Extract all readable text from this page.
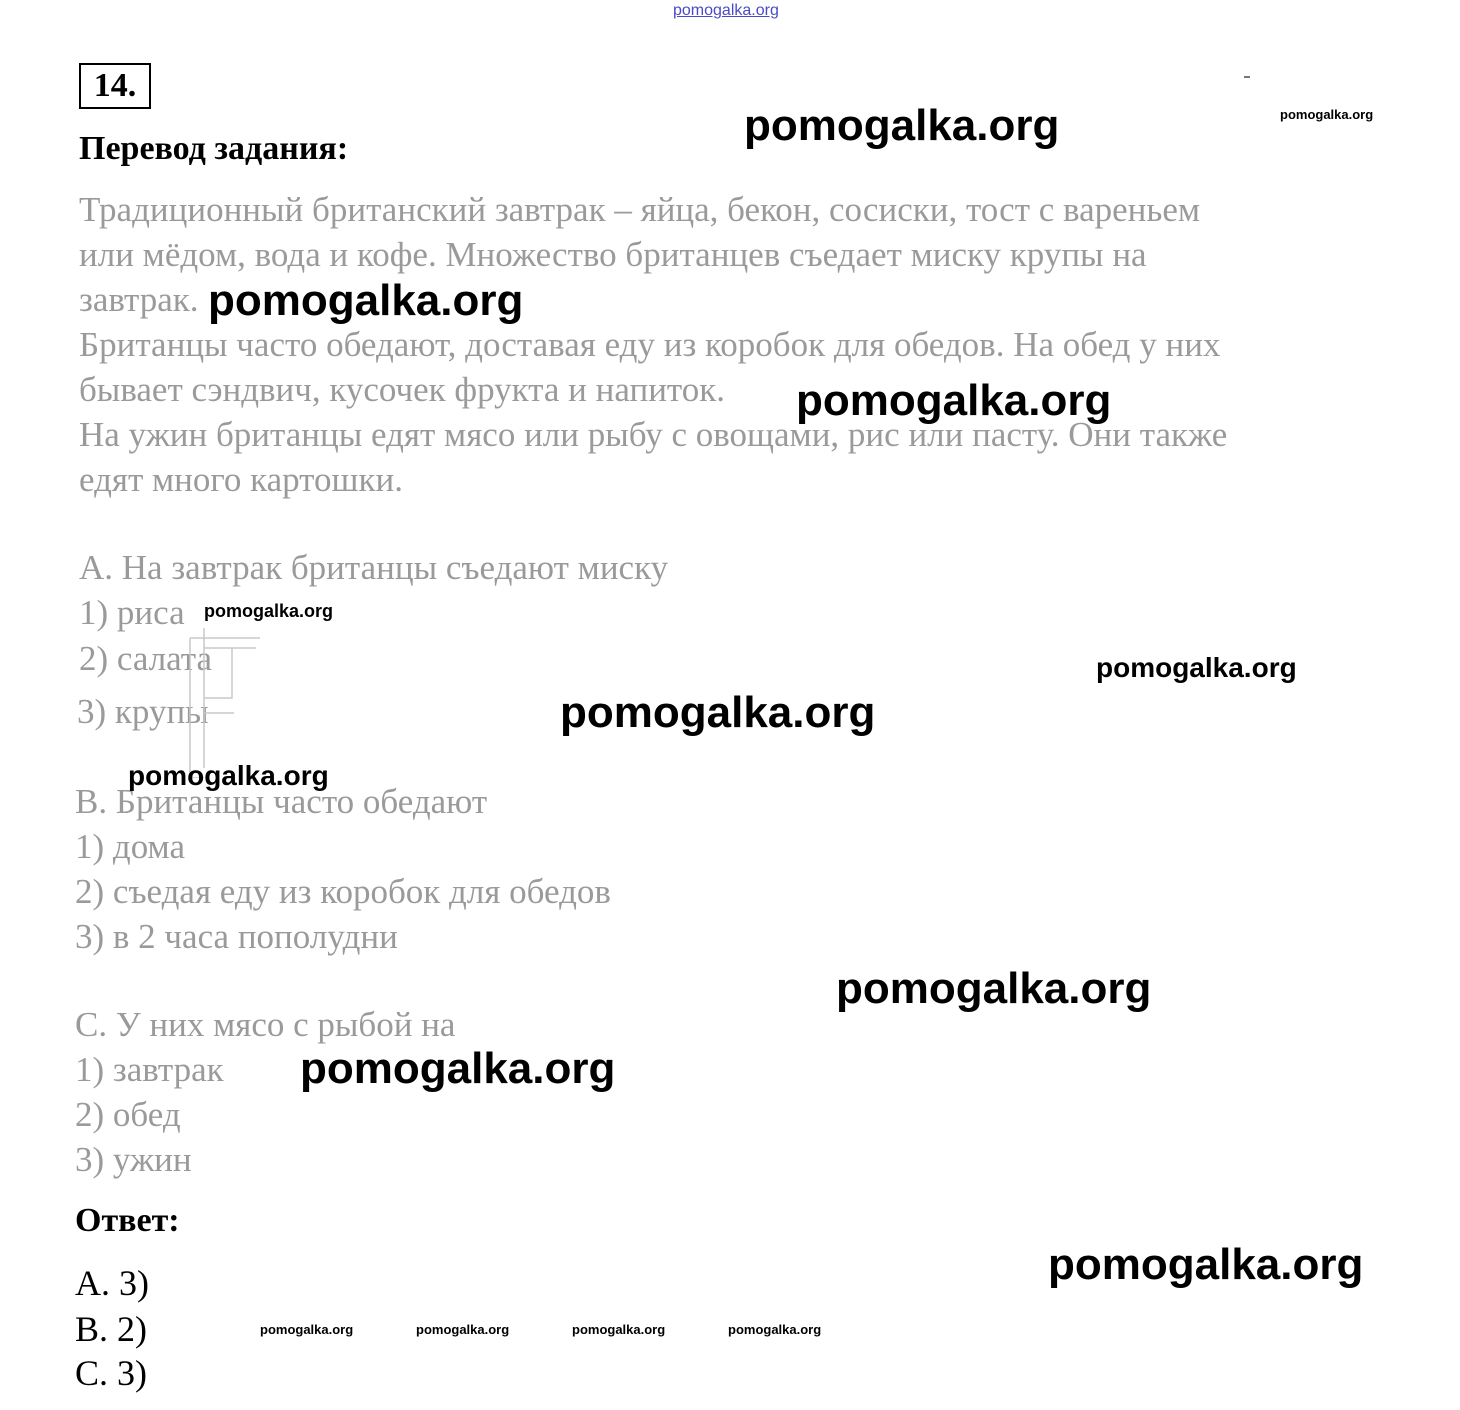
pomogalka.org
14.
Перевод задания:
Традиционный британский завтрак – яйца, бекон, сосиски, тост с вареньем
или мёдом, вода и кофе. Множество британцев съедает миску крупы на
завтрак.
Британцы часто обедают, доставая еду из коробок для обедов. На обед у них
бывает сэндвич, кусочек фрукта и напиток.
На ужин британцы едят мясо или рыбу с овощами, рис или пасту. Они также
едят много картошки.
A. На завтрак британцы съедают миску
1) риса
2) салата
3) крупы
B. Британцы часто обедают
1) дома
2) съедая еду из коробок для обедов
3) в 2 часа пополудни
C. У них мясо с рыбой на
1) завтрак
2) обед
3) ужин
Ответ:
A. 3)
B. 2)
C. 3)
pomogalka.org	pomogalka.org
pomogalka.org
pomogalka.org
pomogalka.org
pomogalka.org
pomogalka.org
pomogalka.org
pomogalka.org
pomogalka.org
pomogalka.org
pomogalka.org	pomogalka.org	pomogalka.org	pomogalka.org
